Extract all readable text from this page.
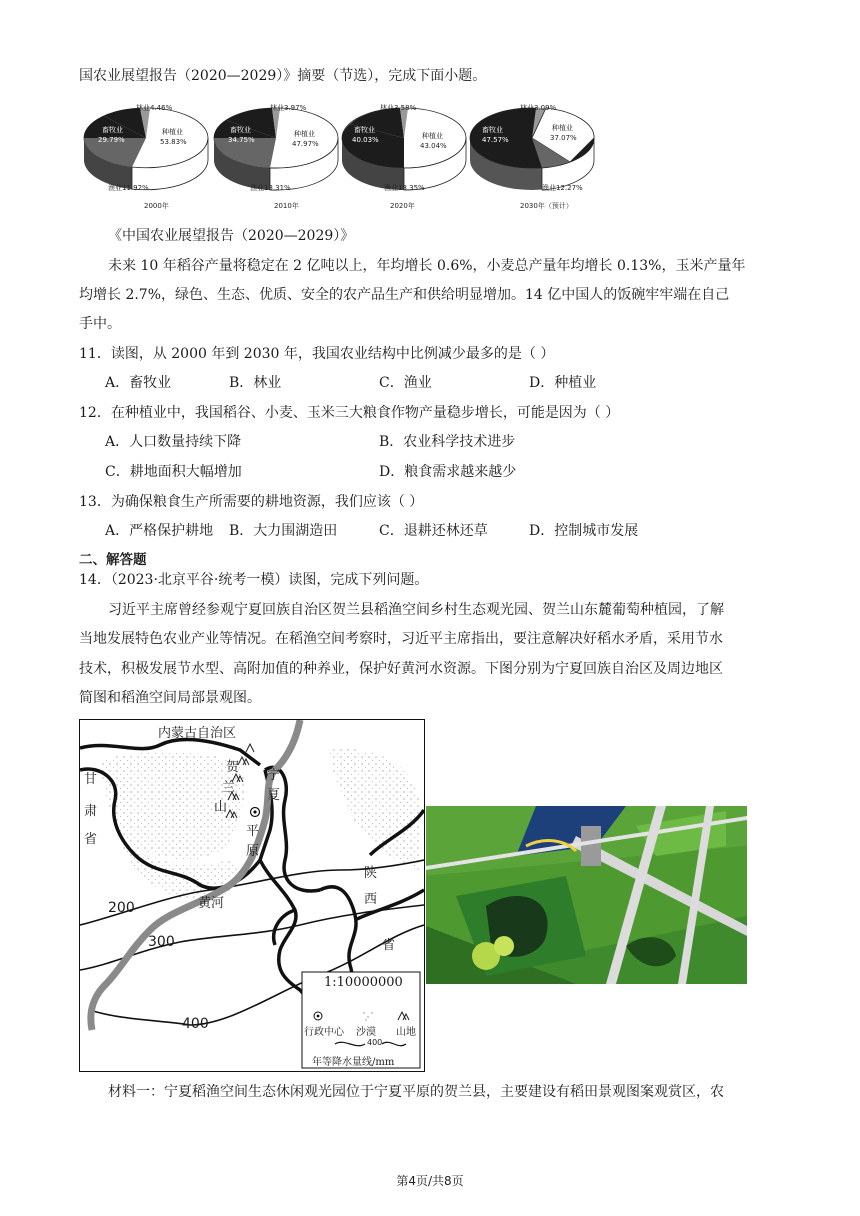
国农业展望报告（2020—2029）》摘要（节选），完成下面小题。
林业4.46%
畜牧业
29.79%
种植业
53.83%
渔业11.92%
林业3.97%
畜牧业
34.75%
种植业
47.97%
渔业13.31%
林业3.58%
畜牧业
40.03%	种植业
43.04%
渔业13.35%
林业3.09%
畜牧业
47.57%
种植业
37.07%
渔业12.27%
2000年	2010年	2020年	2030年（预计）
《中国农业展望报告（2020—2029）》
未来 10 年稻谷产量将稳定在 2 亿吨以上，年均增长 0.6%，小麦总产量年均增长 0.13%，玉米产量年
均增长 2.7%，绿色、生态、优质、安全的农产品生产和供给明显增加。14 亿中国人的饭碗牢牢端在自己
手中。
11．读图，从 2000 年到 2030 年，我国农业结构中比例减少最多的是（ ）
A．畜牧业	B．林业	C．渔业	D．种植业
12．在种植业中，我国稻谷、小麦、玉米三大粮食作物产量稳步增长，可能是因为（ ）
A．人口数量持续下降	B．农业科学技术进步
C．耕地面积大幅增加	D．粮食需求越来越少
13．为确保粮食生产所需要的耕地资源，我们应该（ ）
A．严格保护耕地 B．大力围湖造田	C．退耕还林还草	D．控制城市发展
二、解答题
14．（2023·北京平谷·统考一模）读图，完成下列问题。
习近平主席曾经参观宁夏回族自治区贺兰县稻渔空间乡村生态观光园、贺兰山东麓葡萄种植园，了解
当地发展特色农业产业等情况。在稻渔空间考察时，习近平主席指出，要注意解决好稻水矛盾，采用节水
技术，积极发展节水型、高附加值的种养业，保护好黄河水资源。下图分别为宁夏回族自治区及周边地区
简图和稻渔空间局部景观图。
内蒙古自治区
甘
肃
省
贺
兰
山
宁
夏
平
原
黄河
陕
西
省
200
300
400
1:10000000
行政中心 沙漠 山地
400
年等降水量线/mm
材料一：宁夏稻渔空间生态休闲观光园位于宁夏平原的贺兰县，主要建设有稻田景观图案观赏区，农
第4页/共8页
